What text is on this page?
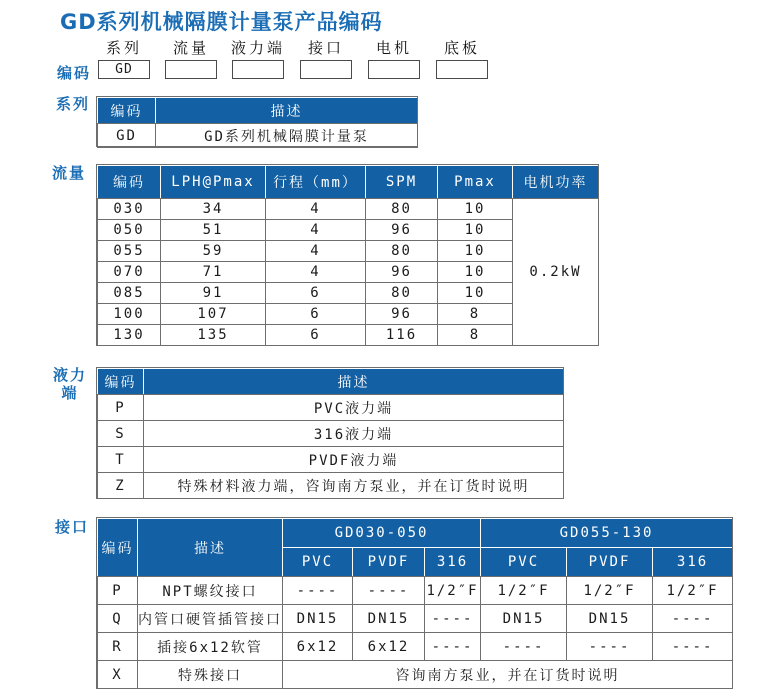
GD系列机械隔膜计量泵产品编码
编码
系列
GD
流量 液力端 接口 电机 底板
系列 编码	描述
GD	GD系列机械隔膜计量泵
流量
编码	LPH@Pmax	行程（mm）	SPM	Pmax	电机功率
030	34	4	80	10	0.2kW
050	51	4	96	10	
055	59	4	80	10	
070	71	4	96	10	
085	91	6	80	10	
100	107	6	96	8	
130	135	6	116	8	
液力端
编码	描述
P	PVC液力端
S	316液力端
T	PVDF液力端
Z	特殊材料液力端，咨询南方泵业，并在订货时说明
接口
编码	描述	GD030-050			GD055-130		
		PVC	PVDF	316	PVC	PVDF	316
P	NPT螺纹接口	----	----	1/2″F	1/2″F	1/2″F	1/2″F
Q	内管口硬管插管接口	DN15	DN15	----	DN15	DN15	----
R	插接6x12软管	6x12	6x12	----	----	----	----
X	特殊接口	咨询南方泵业，并在订货时说明					
